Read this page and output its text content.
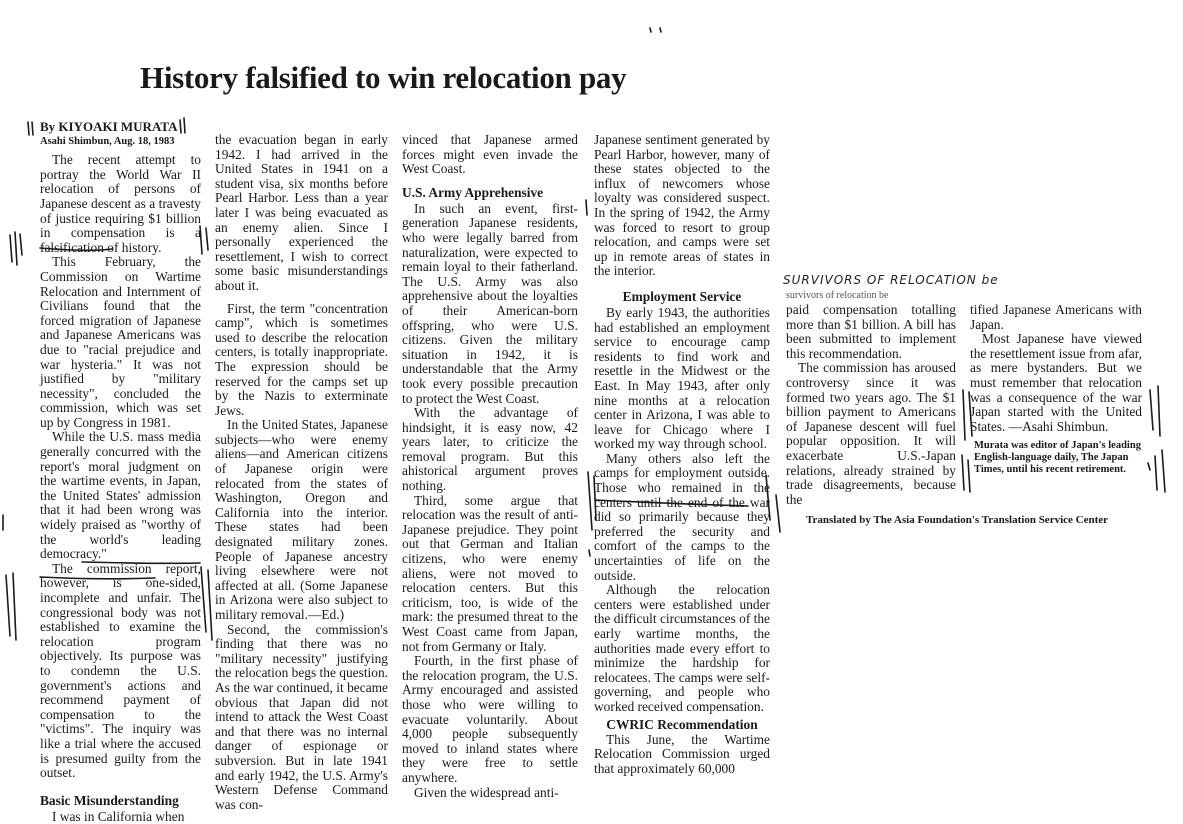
History falsified to win relocation pay
By KIYOAKI MURATA
Asahi Shimbun, Aug. 18, 1983

The recent attempt to portray the World War II relocation of persons of Japanese descent as a travesty of justice requiring $1 billion in compensation is a falsification of history.

This February, the Commission on Wartime Relocation and Internment of Civilians found that the forced migration of Japanese and Japanese Americans was due to "racial prejudice and war hysteria." It was not justified by "military necessity", concluded the commission, which was set up by Congress in 1981.

While the U.S. mass media generally concurred with the report's moral judgment on the wartime events, in Japan, the United States' admission that it had been wrong was widely praised as "worthy of the world's leading democracy."

The commission report, however, is one-sided, incomplete and unfair. The congressional body was not established to examine the relocation program objectively. Its purpose was to condemn the U.S. government's actions and recommend payment of compensation to the "victims". The inquiry was like a trial where the accused is presumed guilty from the outset.

Basic Misunderstanding

I was in California when

the evacuation began in early 1942. I had arrived in the United States in 1941 on a student visa, six months before Pearl Harbor. Less than a year later I was being evacuated as an enemy alien. Since I personally experienced the resettlement, I wish to correct some basic misunderstandings about it.

First, the term "concentration camp", which is sometimes used to describe the relocation centers, is totally inappropriate. The expression should be reserved for the camps set up by the Nazis to exterminate Jews.

In the United States, Japanese subjects—who were enemy aliens—and American citizens of Japanese origin were relocated from the states of Washington, Oregon and California into the interior. These states had been designated military zones. People of Japanese ancestry living elsewhere were not affected at all. (Some Japanese in Arizona were also subject to military removal.—Ed.)

Second, the commission's finding that there was no "military necessity" justifying the relocation begs the question. As the war continued, it became obvious that Japan did not intend to attack the West Coast and that there was no internal danger of espionage or subversion. But in late 1941 and early 1942, the U.S. Army's Western Defense Command was con-

vinced that Japanese armed forces might even invade the West Coast.

U.S. Army Apprehensive

In such an event, first-generation Japanese residents, who were legally barred from naturalization, were expected to remain loyal to their fatherland. The U.S. Army was also apprehensive about the loyalties of their American-born offspring, who were U.S. citizens. Given the military situation in 1942, it is understandable that the Army took every possible precaution to protect the West Coast.

With the advantage of hindsight, it is easy now, 42 years later, to criticize the removal program. But this ahistorical argument proves nothing.

Third, some argue that relocation was the result of anti-Japanese prejudice. They point out that German and Italian citizens, who were enemy aliens, were not moved to relocation centers. But this criticism, too, is wide of the mark: the presumed threat to the West Coast came from Japan, not from Germany or Italy.

Fourth, in the first phase of the relocation program, the U.S. Army encouraged and assisted those who were willing to evacuate voluntarily. About 4,000 people subsequently moved to inland states where they were free to settle anywhere.

Given the widespread anti-

Japanese sentiment generated by Pearl Harbor, however, many of these states objected to the influx of newcomers whose loyalty was considered suspect. In the spring of 1942, the Army was forced to resort to group relocation, and camps were set up in remote areas of states in the interior.

Employment Service

By early 1943, the authorities had established an employment service to encourage camp residents to find work and resettle in the Midwest or the East. In May 1943, after only nine months at a relocation center in Arizona, I was able to leave for Chicago where I worked my way through school.

Many others also left the camps for employment outside. Those who remained in the centers until the end of the war did so primarily because they preferred the security and comfort of the camps to the uncertainties of life on the outside.

Although the relocation centers were established under the difficult circumstances of the early wartime months, the authorities made every effort to minimize the hardship for relocatees. The camps were self-governing, and people who worked received compensation.

CWRIC Recommendation

This June, the Wartime Relocation Commission urged that approximately 60,000

SURVIVORS OF RELOCATION be
survivors of relocation be

paid compensation totalling more than $1 billion. A bill has been submitted to implement this recommendation.

The commission has aroused controversy since it was formed two years ago. The $1 billion payment to Americans of Japanese descent will fuel popular opposition. It will exacerbate U.S.-Japan relations, already strained by trade disagreements, because the

tified Japanese Americans with Japan.

Most Japanese have viewed the resettlement issue from afar, as mere bystanders. But we must remember that relocation was a consequence of the war Japan started with the United States. —Asahi Shimbun.

Murata was editor of Japan's leading English-language daily, The Japan Times, until his recent retirement.
Translated by The Asia Foundation's Translation Service Center
